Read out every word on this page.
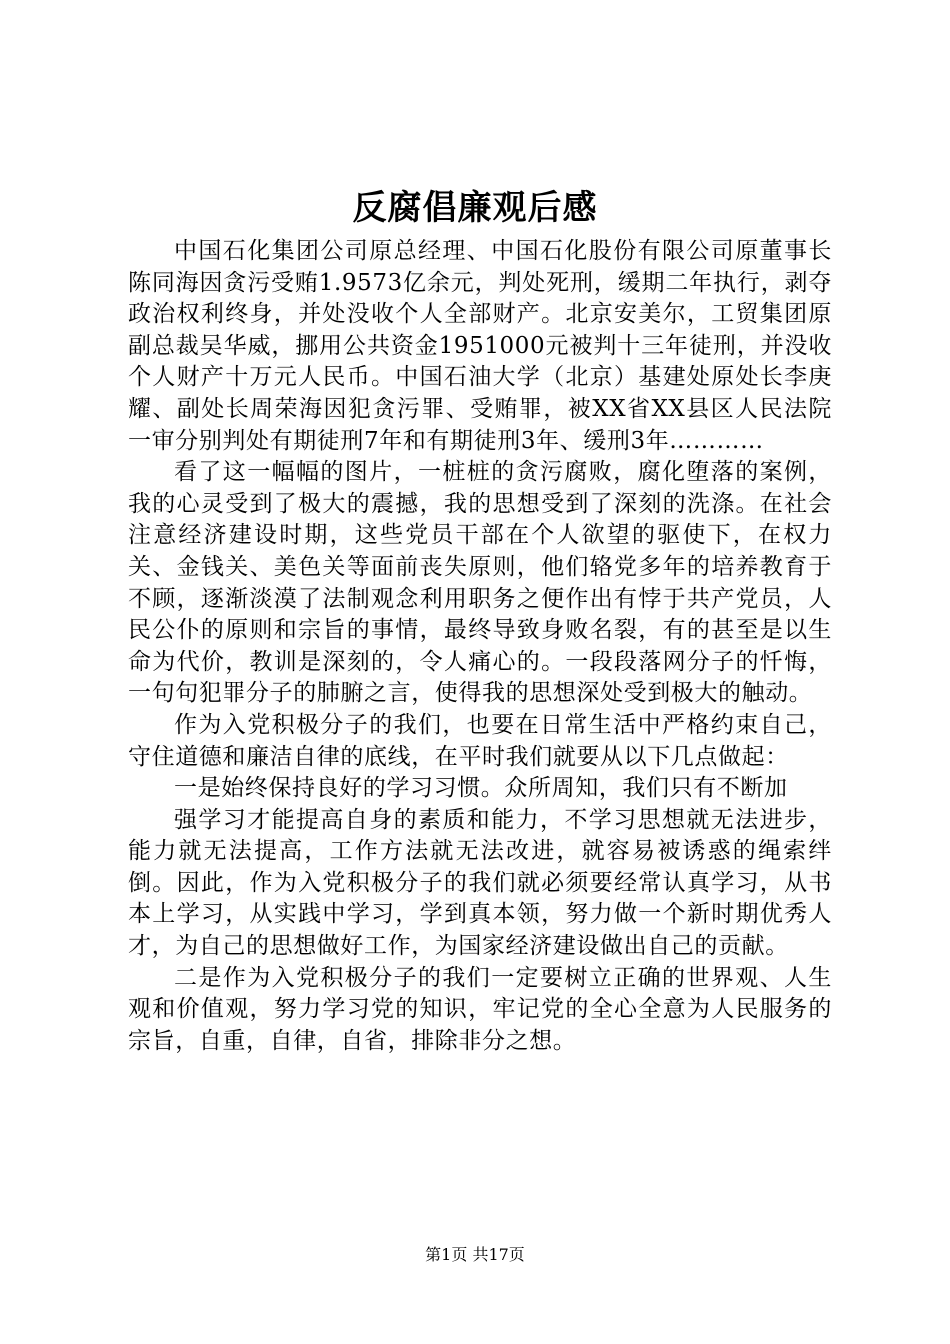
反腐倡廉观后感

中国石化集团公司原总经理、中国石化股份有限公司原董事长陈同海因贪污受贿1.9573亿余元，判处死刑，缓期二年执行，剥夺政治权利终身，并处没收个人全部财产。北京安美尔，工贸集团原副总裁吴华威，挪用公共资金1951000元被判十三年徒刑，并没收个人财产十万元人民币。中国石油大学（北京）基建处原处长李庚耀、副处长周荣海因犯贪污罪、受贿罪，被XX省XX县区人民法院一审分别判处有期徒刑7年和有期徒刑3年、缓刑3年…………

看了这一幅幅的图片，一桩桩的贪污腐败，腐化堕落的案例，我的心灵受到了极大的震撼，我的思想受到了深刻的洗涤。在社会注意经济建设时期，这些党员干部在个人欲望的驱使下，在权力关、金钱关、美色关等面前丧失原则，他们辂党多年的培养教育于不顾，逐渐淡漠了法制观念利用职务之便作出有悖于共产党员，人民公仆的原则和宗旨的事情，最终导致身败名裂，有的甚至是以生命为代价，教训是深刻的，令人痛心的。一段段落网分子的忏悔，一句句犯罪分子的肺腑之言，使得我的思想深处受到极大的触动。

作为入党积极分子的我们，也要在日常生活中严格约束自己，守住道德和廉洁自律的底线，在平时我们就要从以下几点做起：

一是始终保持良好的学习习惯。众所周知，我们只有不断加

强学习才能提高自身的素质和能力，不学习思想就无法进步，能力就无法提高，工作方法就无法改进，就容易被诱惑的绳索绊倒。因此，作为入党积极分子的我们就必须要经常认真学习，从书本上学习，从实践中学习，学到真本领，努力做一个新时期优秀人才，为自己的思想做好工作，为国家经济建设做出自己的贡献。

二是作为入党积极分子的我们一定要树立正确的世界观、人生观和价值观，努力学习党的知识，牢记党的全心全意为人民服务的宗旨，自重，自律，自省，排除非分之想。

第1页 共17页
